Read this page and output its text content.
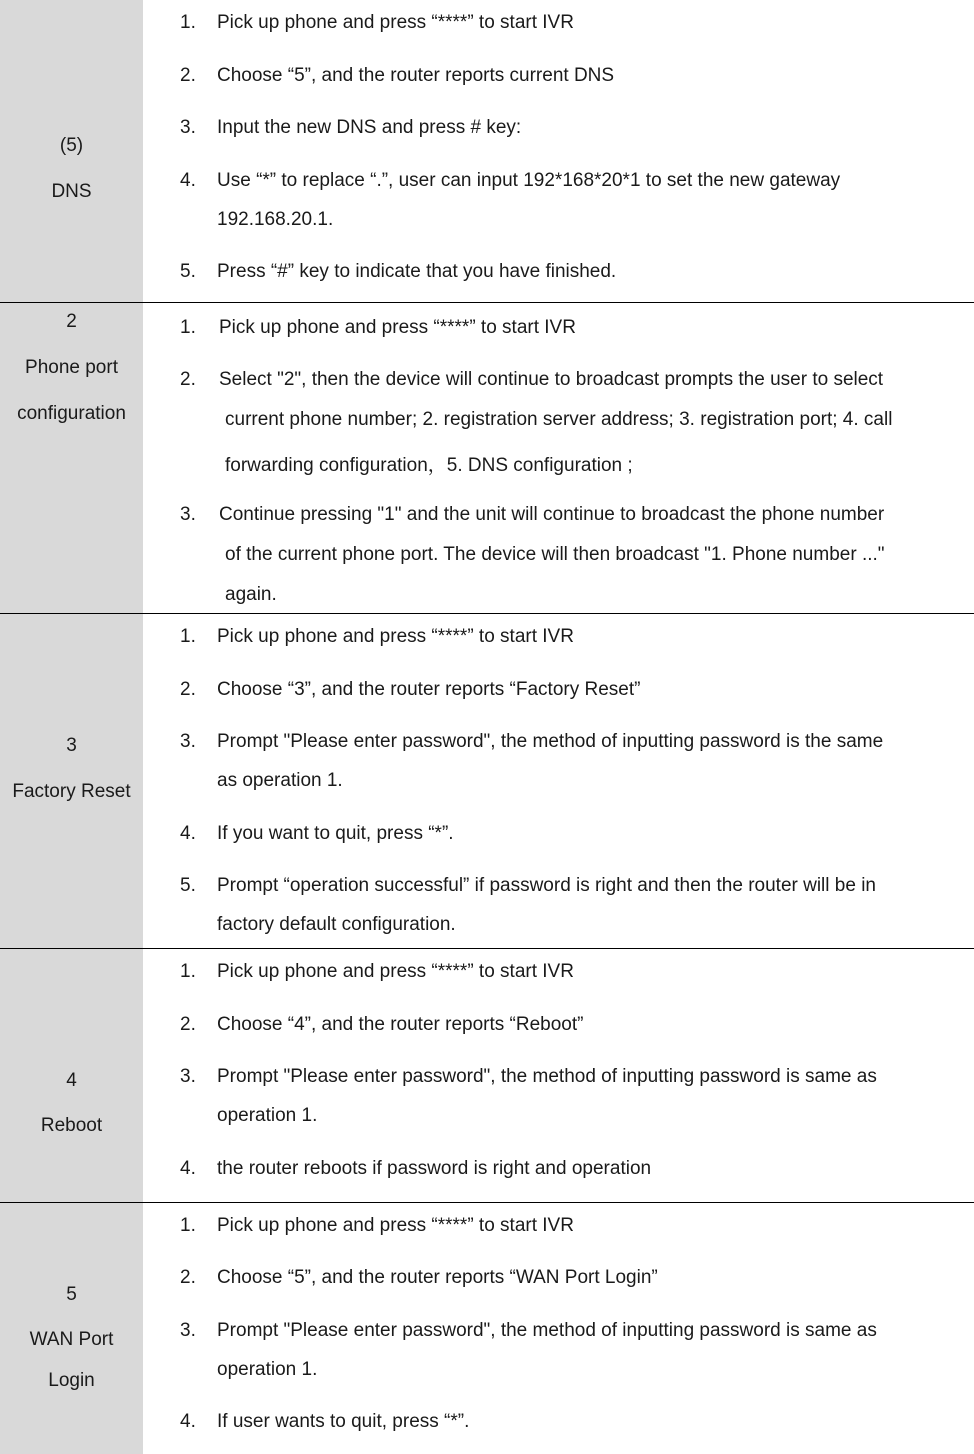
(5)
DNS
1. Pick up phone and press “****” to start IVR
2. Choose “5”, and the router reports current DNS
3. Input the new DNS and press # key:
4. Use “*” to replace “.”, user can input 192*168*20*1 to set the new gateway
192.168.20.1.
5. Press “#” key to indicate that you have finished.
2
Phone port
configuration
1. Pick up phone and press “****” to start IVR
2. Select "2", then the device will continue to broadcast prompts the user to select
current phone number; 2. registration server address; 3. registration port; 4. call
forwarding configuration，5. DNS configuration ;
3. Continue pressing "1" and the unit will continue to broadcast the phone number
of the current phone port. The device will then broadcast "1. Phone number ..."
again.
3
Factory Reset
1. Pick up phone and press “****” to start IVR
2. Choose “3”, and the router reports “Factory Reset”
3. Prompt "Please enter password", the method of inputting password is the same
as operation 1.
4. If you want to quit, press “*”.
5. Prompt “operation successful” if password is right and then the router will be in
factory default configuration.
4
Reboot
1. Pick up phone and press “****” to start IVR
2. Choose “4”, and the router reports “Reboot”
3. Prompt "Please enter password", the method of inputting password is same as
operation 1.
4. the router reboots if password is right and operation
5
WAN Port
Login
1. Pick up phone and press “****” to start IVR
2. Choose “5”, and the router reports “WAN Port Login”
3. Prompt "Please enter password", the method of inputting password is same as
operation 1.
4. If user wants to quit, press “*”.
